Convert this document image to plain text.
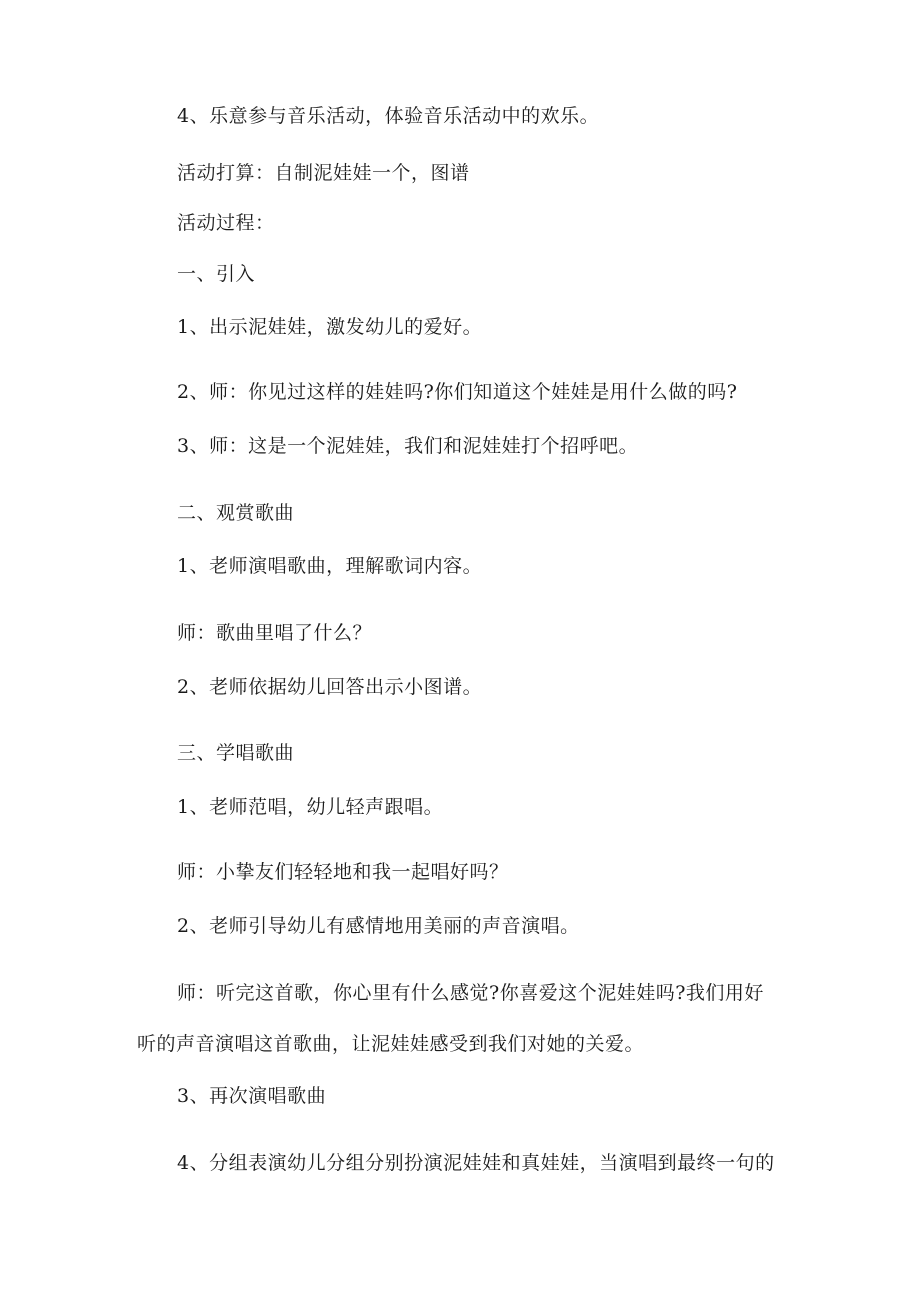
4、乐意参与音乐活动，体验音乐活动中的欢乐。

活动打算：自制泥娃娃一个，图谱

活动过程：

一、引入

1、出示泥娃娃，激发幼儿的爱好。

2、师：你见过这样的娃娃吗?你们知道这个娃娃是用什么做的吗?

3、师：这是一个泥娃娃，我们和泥娃娃打个招呼吧。

二、观赏歌曲

1、老师演唱歌曲，理解歌词内容。

师：歌曲里唱了什么？

2、老师依据幼儿回答出示小图谱。

三、学唱歌曲

1、老师范唱，幼儿轻声跟唱。

师：小挚友们轻轻地和我一起唱好吗？

2、老师引导幼儿有感情地用美丽的声音演唱。

师：听完这首歌，你心里有什么感觉?你喜爱这个泥娃娃吗?我们用好

听的声音演唱这首歌曲，让泥娃娃感受到我们对她的关爱。

3、再次演唱歌曲

4、分组表演幼儿分组分别扮演泥娃娃和真娃娃，当演唱到最终一句的
